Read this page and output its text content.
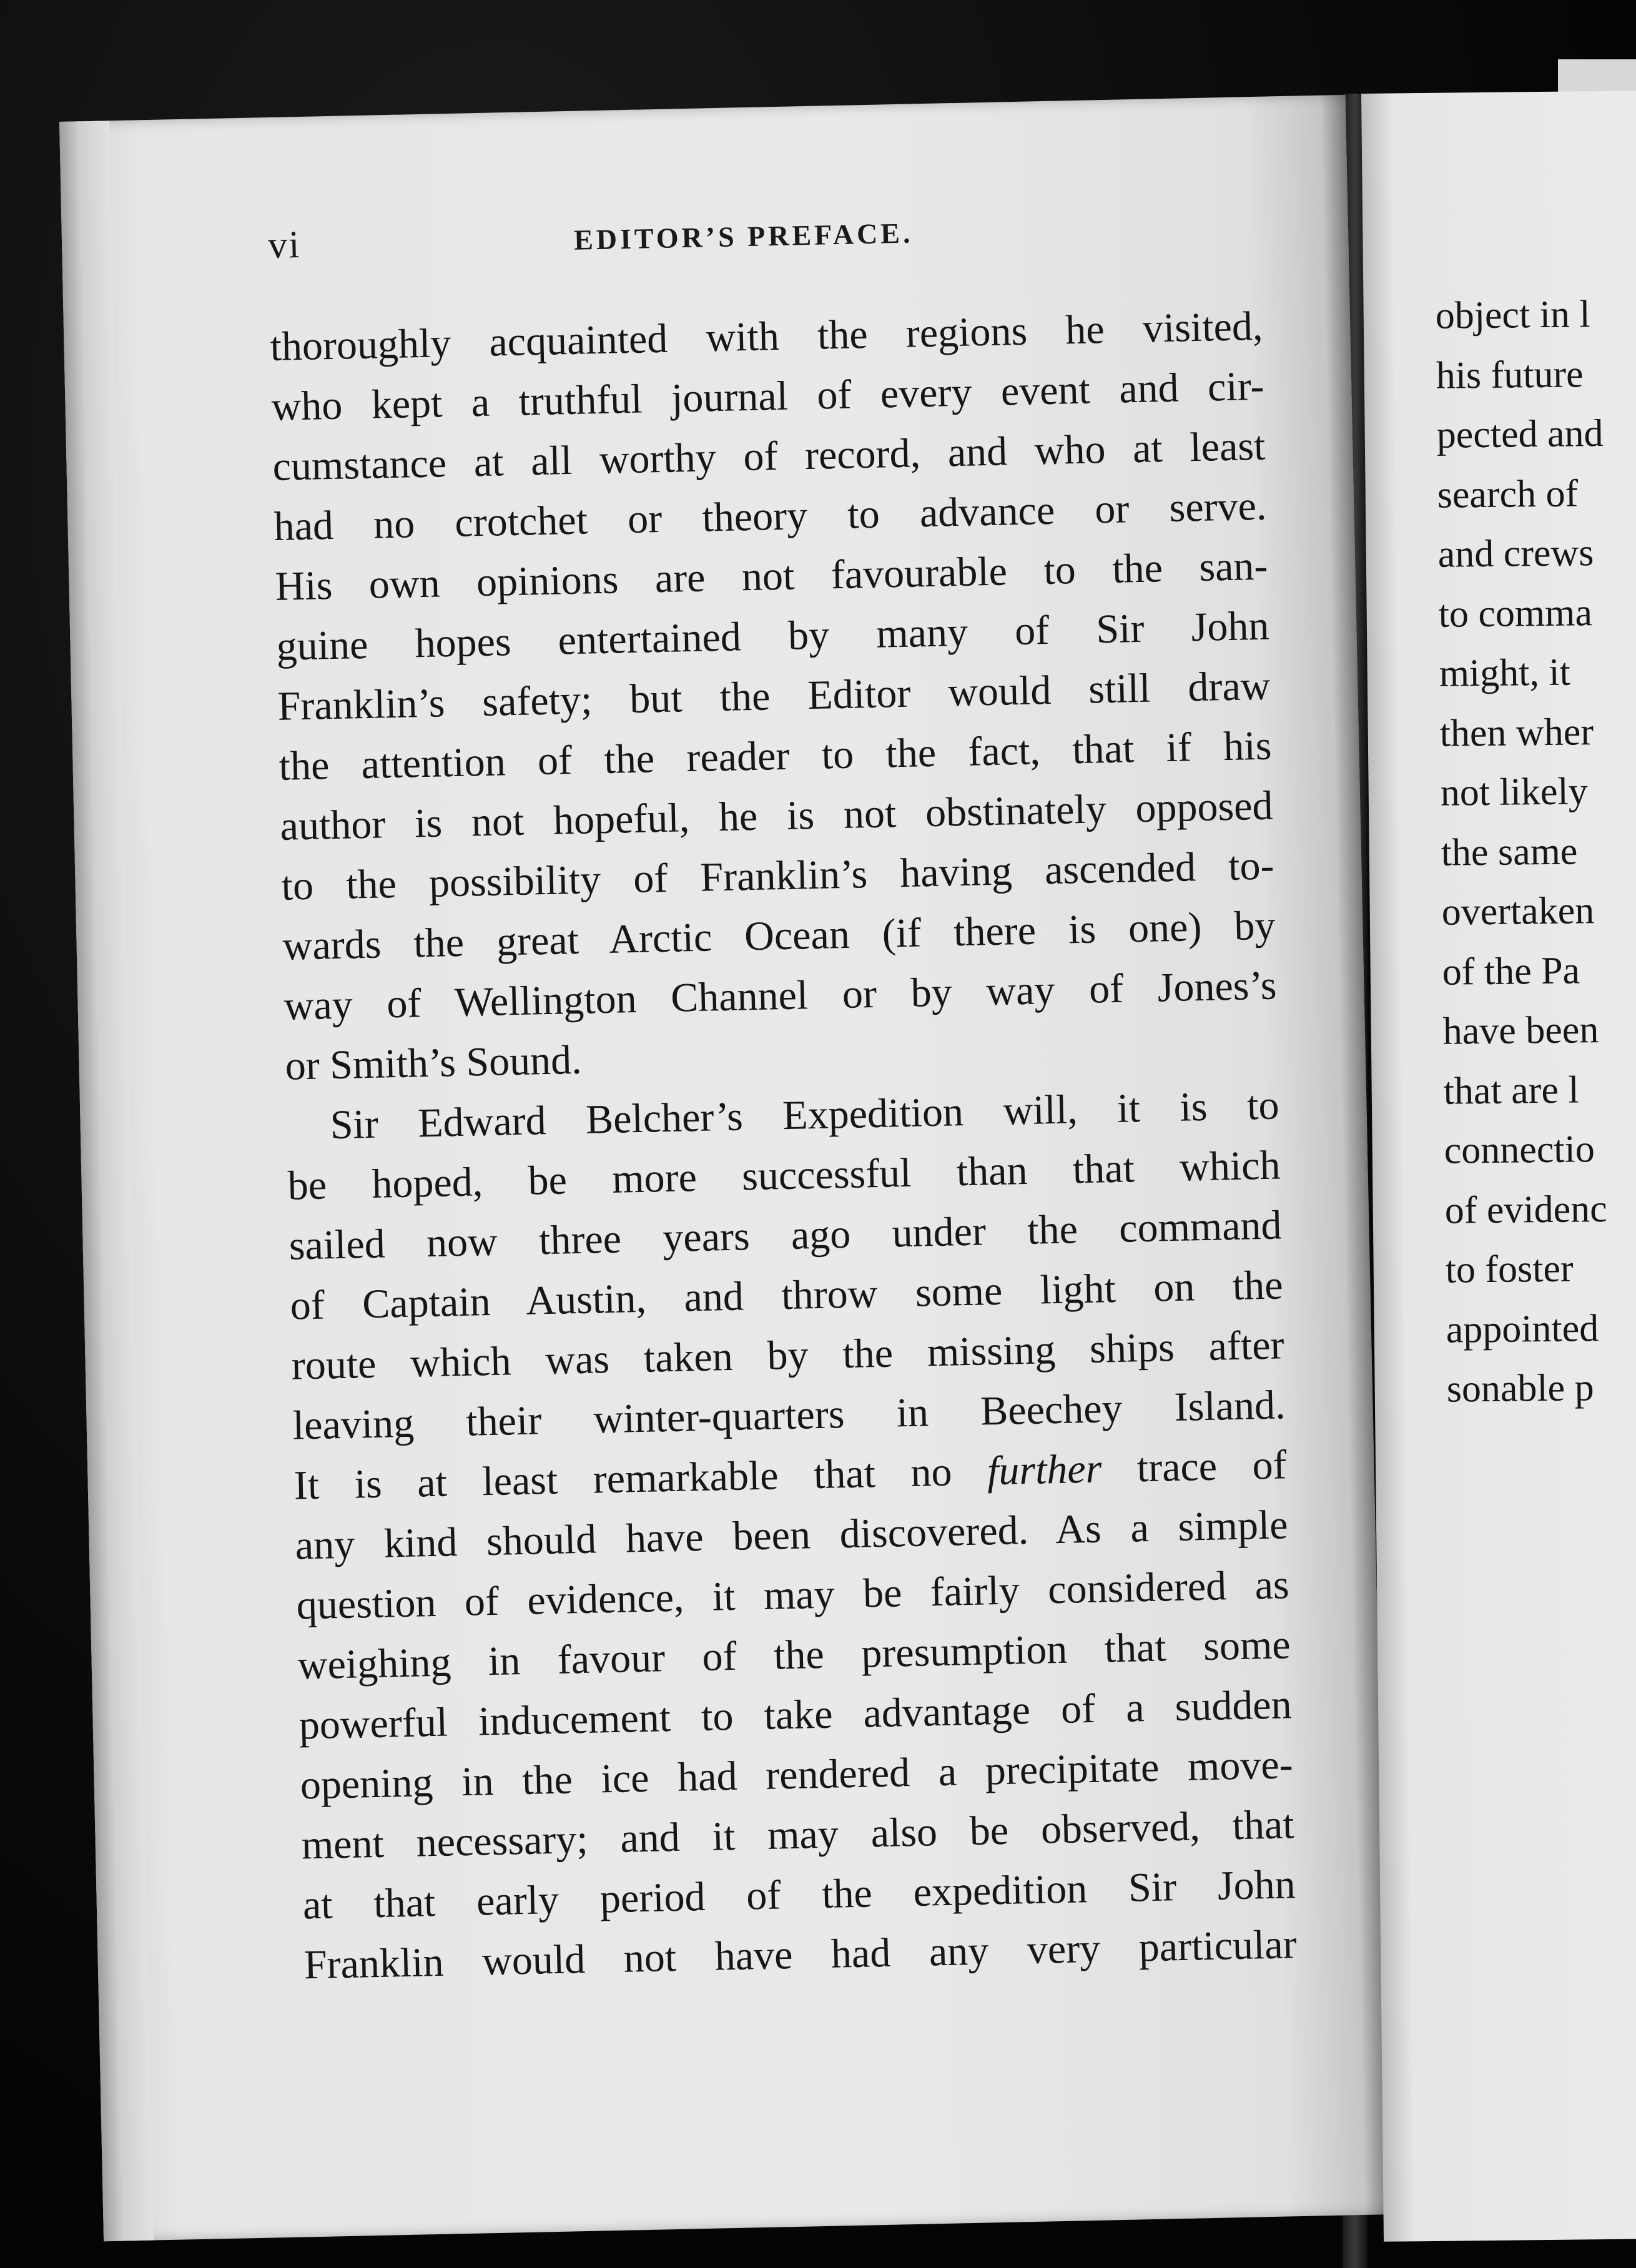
vi	EDITOR’S PREFACE.
thoroughly acquainted with the regions he visited,
who kept a truthful journal of every event and cir-
cumstance at all worthy of record, and who at least
had no crotchet or theory to advance or serve.
His own opinions are not favourable to the san-
guine hopes entertained by many of Sir John
Franklin’s safety; but the Editor would still draw
the attention of the reader to the fact, that if his
author is not hopeful, he is not obstinately opposed
to the possibility of Franklin’s having ascended to-
wards the great Arctic Ocean (if there is one) by
way of Wellington Channel or by way of Jones’s
or Smith’s Sound.
Sir Edward Belcher’s Expedition will, it is to
be hoped, be more successful than that which
sailed now three years ago under the command
of Captain Austin, and throw some light on the
route which was taken by the missing ships after
leaving their winter-quarters in Beechey Island.
It is at least remarkable that no further trace of
any kind should have been discovered. As a simple
question of evidence, it may be fairly considered as
weighing in favour of the presumption that some
powerful inducement to take advantage of a sudden
opening in the ice had rendered a precipitate move-
ment necessary; and it may also be observed, that
at that early period of the expedition Sir John
Franklin would not have had any very particular
object in l
his future
pected and
search of
and crews
to comma
might, it
then wher
not likely
the same
overtaken
of the Pa
have been
that are l
connectio
of evidenc
to foster
appointed
sonable p
